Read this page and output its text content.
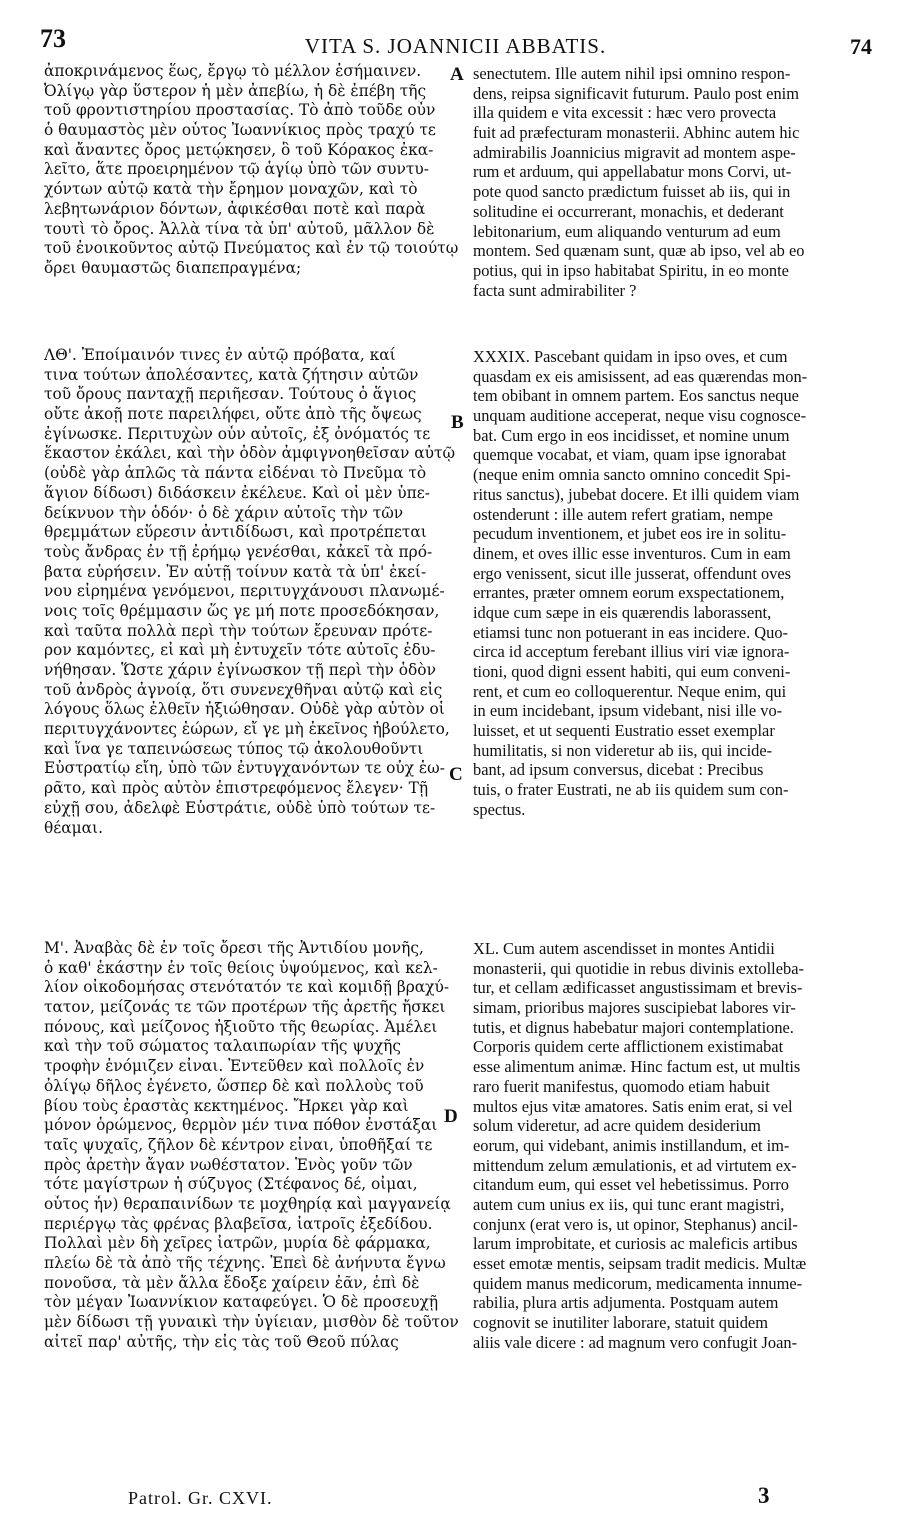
73	VITA S. JOANNICII ABBATIS.	74
ἀποκρινάμενος ἕως, ἔργῳ τὸ μέλλον ἐσήμαινεν.
Ὀλίγῳ γὰρ ὕστερον ἡ μὲν ἀπεβίω, ἡ δὲ ἐπέβη τῆς
τοῦ φροντιστηρίου προστασίας. Τὸ ἀπὸ τοῦδε οὖν
ὁ θαυμαστὸς μὲν οὗτος Ἰωαννίκιος πρὸς τραχύ τε
καὶ ἄναντες ὄρος μετῴκησεν, ὃ τοῦ Κόρακος ἐκα-
λεῖτο, ἅτε προειρημένον τῷ ἁγίῳ ὑπὸ τῶν συντυ-
χόντων αὐτῷ κατὰ τὴν ἔρημον μοναχῶν, καὶ τὸ
λεβητωνάριον δόντων, ἀφικέσθαι ποτὲ καὶ παρὰ
τουτὶ τὸ ὄρος. Ἀλλὰ τίνα τὰ ὑπ' αὐτοῦ, μᾶλλον δὲ
τοῦ ἐνοικοῦντος αὐτῷ Πνεύματος καὶ ἐν τῷ τοιούτῳ
ὄρει θαυμαστῶς διαπεπραγμένα;
ΛΘ'. Ἐποίμαινόν τινες ἐν αὐτῷ πρόβατα, καί
τινα τούτων ἀπολέσαντες, κατὰ ζήτησιν αὐτῶν
τοῦ ὄρους πανταχῇ περιῆεσαν. Τούτους ὁ ἅγιος
οὔτε ἀκοῇ ποτε παρειλήφει, οὔτε ἀπὸ τῆς ὄψεως
ἐγίνωσκε. Περιτυχὼν οὖν αὐτοῖς, ἐξ ὀνόματός τε
ἕκαστον ἐκάλει, καὶ τὴν ὁδὸν ἀμφιγνοηθεῖσαν αὐτῷ
(οὐδὲ γὰρ ἁπλῶς τὰ πάντα εἰδέναι τὸ Πνεῦμα τὸ
ἅγιον δίδωσι) διδάσκειν ἐκέλευε. Καὶ οἱ μὲν ὑπε-
δείκνυον τὴν ὁδόν· ὁ δὲ χάριν αὐτοῖς τὴν τῶν
θρεμμάτων εὕρεσιν ἀντιδίδωσι, καὶ προτρέπεται
τοὺς ἄνδρας ἐν τῇ ἐρήμῳ γενέσθαι, κἀκεῖ τὰ πρό-
βατα εὑρήσειν. Ἐν αὐτῇ τοίνυν κατὰ τὰ ὑπ' ἐκεί-
νου εἰρημένα γενόμενοι, περιτυγχάνουσι πλανωμέ-
νοις τοῖς θρέμμασιν ὥς γε μή ποτε προσεδόκησαν,
καὶ ταῦτα πολλὰ περὶ τὴν τούτων ἔρευναν πρότε-
ρον καμόντες, εἰ καὶ μὴ ἐντυχεῖν τότε αὐτοῖς ἐδυ-
νήθησαν. Ὥστε χάριν ἐγίνωσκον τῇ περὶ τὴν ὁδὸν
τοῦ ἀνδρὸς ἀγνοίᾳ, ὅτι συνενεχθῆναι αὐτῷ καὶ εἰς
λόγους ὅλως ἐλθεῖν ἠξιώθησαν. Οὐδὲ γὰρ αὐτὸν οἱ
περιτυγχάνοντες ἑώρων, εἴ γε μὴ ἐκεῖνος ἠβούλετο,
καὶ ἵνα γε ταπεινώσεως τύπος τῷ ἀκολουθοῦντι
Εὐστρατίῳ εἴη, ὑπὸ τῶν ἐντυγχανόντων τε οὐχ ἑω-
ρᾶτο, καὶ πρὸς αὐτὸν ἐπιστρεφόμενος ἔλεγεν· Τῇ
εὐχῇ σου, ἀδελφὲ Εὐστράτιε, οὐδὲ ὑπὸ τούτων τε-
θέαμαι.
Μ'. Ἀναβὰς δὲ ἐν τοῖς ὄρεσι τῆς Ἀντιδίου μονῆς,
ὁ καθ' ἑκάστην ἐν τοῖς θείοις ὑψούμενος, καὶ κελ-
λίον οἰκοδομήσας στενότατόν τε καὶ κομιδῇ βραχύ-
τατον, μείζονάς τε τῶν προτέρων τῆς ἀρετῆς ἤσκει
πόνους, καὶ μείζονος ἠξιοῦτο τῆς θεωρίας. Ἀμέλει
καὶ τὴν τοῦ σώματος ταλαιπωρίαν τῆς ψυχῆς
τροφὴν ἐνόμιζεν εἶναι. Ἐντεῦθεν καὶ πολλοῖς ἐν
ὀλίγῳ δῆλος ἐγένετο, ὥσπερ δὲ καὶ πολλοὺς τοῦ
βίου τοὺς ἐραστὰς κεκτημένος. Ἤρκει γὰρ καὶ
μόνον ὁρώμενος, θερμὸν μέν τινα πόθον ἐνστάξαι
ταῖς ψυχαῖς, ζῆλον δὲ κέντρον εἶναι, ὑποθῆξαί τε
πρὸς ἀρετὴν ἄγαν νωθέστατον. Ἑνὸς γοῦν τῶν
τότε μαγίστρων ἡ σύζυγος (Στέφανος δέ, οἶμαι,
οὗτος ἦν) θεραπαινίδων τε μοχθηρίᾳ καὶ μαγγανείᾳ
περιέργῳ τὰς φρένας βλαβεῖσα, ἰατροῖς ἐξεδίδου.
Πολλαὶ μὲν δὴ χεῖρες ἰατρῶν, μυρία δὲ φάρμακα,
πλείω δὲ τὰ ἀπὸ τῆς τέχνης. Ἐπεὶ δὲ ἀνήνυτα ἔγνω
πονοῦσα, τὰ μὲν ἄλλα ἔδοξε χαίρειν ἐᾶν, ἐπὶ δὲ
τὸν μέγαν Ἰωαννίκιον καταφεύγει. Ὁ δὲ προσευχῇ
μὲν δίδωσι τῇ γυναικὶ τὴν ὑγίειαν, μισθὸν δὲ τοῦτον
αἰτεῖ παρ' αὐτῆς, τὴν εἰς τὰς τοῦ Θεοῦ πύλας
senectutem. Ille autem nihil ipsi omnino respon-
dens, reipsa significavit futurum. Paulo post enim
illa quidem e vita excessit : hæc vero provecta
fuit ad præfecturam monasterii. Abhinc autem hic
admirabilis Joannicius migravit ad montem aspe-
rum et arduum, qui appellabatur mons Corvi, ut-
pote quod sancto prædictum fuisset ab iis, qui in
solitudine ei occurrerant, monachis, et dederant
lebitonarium, eum aliquando venturum ad eum
montem. Sed quænam sunt, quæ ab ipso, vel ab eo
potius, qui in ipso habitabat Spiritu, in eo monte
facta sunt admirabiliter ?
XXXIX. Pascebant quidam in ipso oves, et cum
quasdam ex eis amisissent, ad eas quærendas mon-
tem obibant in omnem partem. Eos sanctus neque
unquam auditione acceperat, neque visu cognosce-
bat. Cum ergo in eos incidisset, et nomine unum
quemque vocabat, et viam, quam ipse ignorabat
(neque enim omnia sancto omnino concedit Spi-
ritus sanctus), jubebat docere. Et illi quidem viam
ostenderunt : ille autem refert gratiam, nempe
pecudum inventionem, et jubet eos ire in solitu-
dinem, et oves illic esse inventuros. Cum in eam
ergo venissent, sicut ille jusserat, offendunt oves
errantes, præter omnem eorum exspectationem,
idque cum sæpe in eis quærendis laborassent,
etiamsi tunc non potuerant in eas incidere. Quo-
circa id acceptum ferebant illius viri viæ ignora-
tioni, quod digni essent habiti, qui eum conveni-
rent, et cum eo colloquerentur. Neque enim, qui
in eum incidebant, ipsum videbant, nisi ille vo-
luisset, et ut sequenti Eustratio esset exemplar
humilitatis, si non videretur ab iis, qui incide-
bant, ad ipsum conversus, dicebat : Precibus
tuis, o frater Eustrati, ne ab iis quidem sum con-
spectus.
XL. Cum autem ascendisset in montes Antidii
monasterii, qui quotidie in rebus divinis extolleba-
tur, et cellam ædificasset angustissimam et brevis-
simam, prioribus majores suscipiebat labores vir-
tutis, et dignus habebatur majori contemplatione.
Corporis quidem certe afflictionem existimabat
esse alimentum animæ. Hinc factum est, ut multis
raro fuerit manifestus, quomodo etiam habuit
multos ejus vitæ amatores. Satis enim erat, si vel
solum videretur, ad acre quidem desiderium
eorum, qui videbant, animis instillandum, et im-
mittendum zelum æmulationis, et ad virtutem ex-
citandum eum, qui esset vel hebetissimus. Porro
autem cum unius ex iis, qui tunc erant magistri,
conjunx (erat vero is, ut opinor, Stephanus) ancil-
larum improbitate, et curiosis ac maleficis artibus
esset emotæ mentis, seipsam tradit medicis. Multæ
quidem manus medicorum, medicamenta innume-
rabilia, plura artis adjumenta. Postquam autem
cognovit se inutiliter laborare, statuit quidem
aliis vale dicere : ad magnum vero confugit Joan-
A
B
C
D
Patrol. Gr. CXVI.	3
